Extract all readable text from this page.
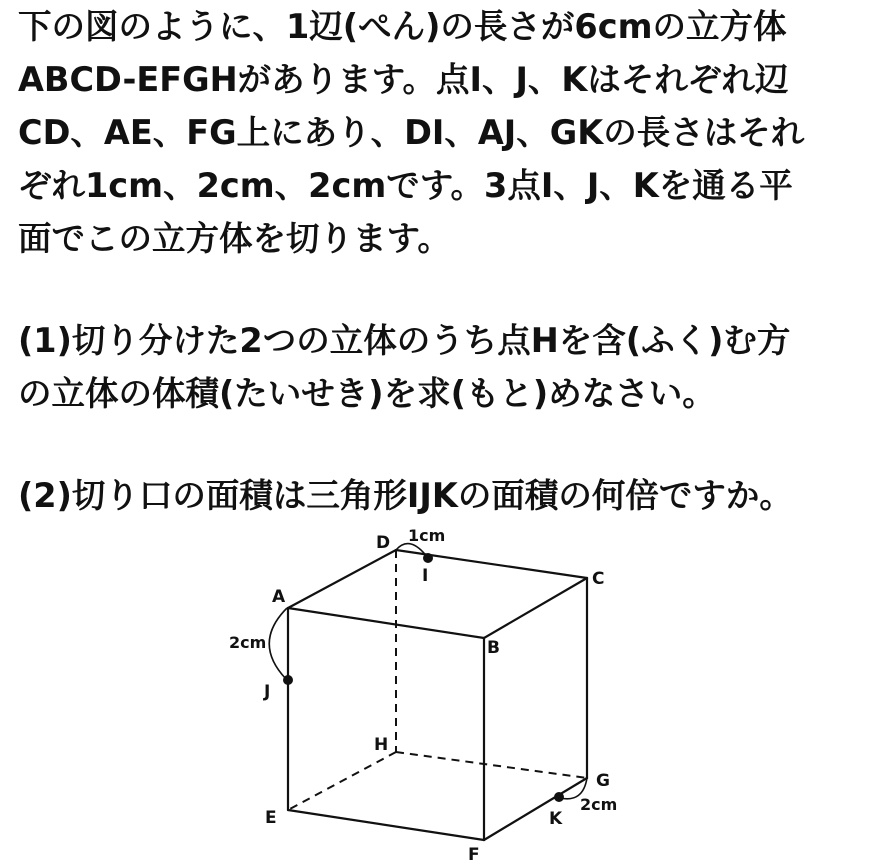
下の図のように、1辺(ぺん)の長さが6cmの立方体
ABCD-EFGHがあります。点I、J、Kはそれぞれ辺
CD、AE、FG上にあり、DI、AJ、GKの長さはそれ
ぞれ1cm、2cm、2cmです。3点I、J、Kを通る平
面でこの立方体を切ります。
(1)切り分けた2つの立体のうち点Hを含(ふく)む方
の立体の体積(たいせき)を求(もと)めなさい。
(2)切り口の面積は三角形IJKの面積の何倍ですか。
D
I	C
A
B
J
H
G
E	K
F
1cm
2cm
2cm
